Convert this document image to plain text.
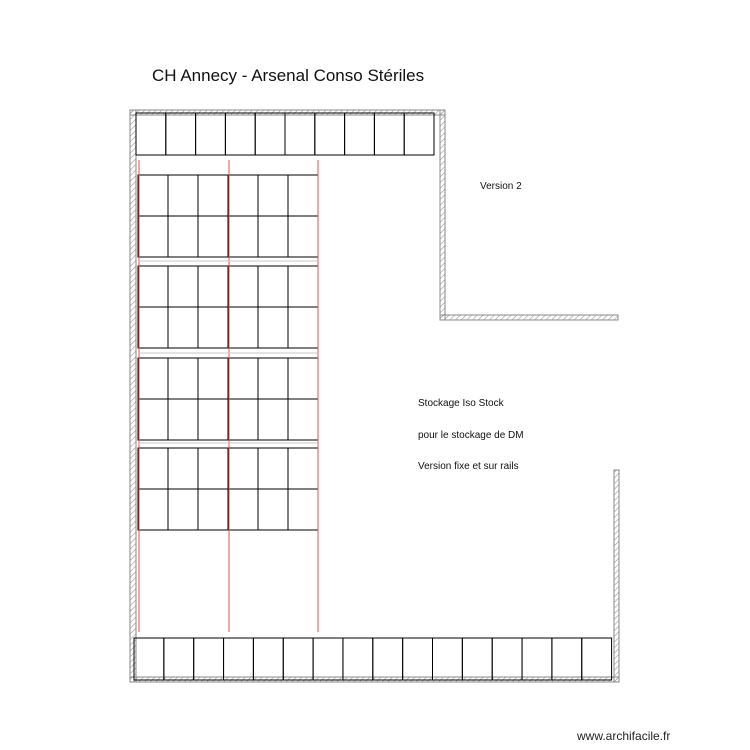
CH Annecy - Arsenal Conso Stériles
Version 2

Stockage Iso Stock

pour le stockage de DM

Version fixe et sur rails

www.archifacile.fr
